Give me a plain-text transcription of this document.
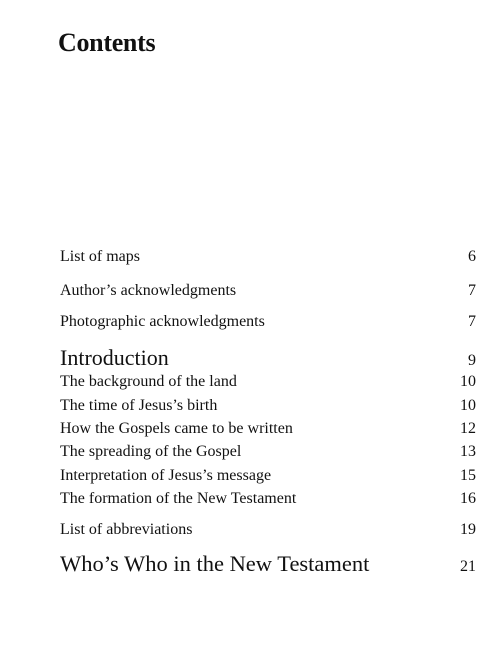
Contents
List of maps	6
Author’s acknowledgments	7
Photographic acknowledgments	7
Introduction	9
The background of the land	10
The time of Jesus’s birth	10
How the Gospels came to be written	12
The spreading of the Gospel	13
Interpretation of Jesus’s message	15
The formation of the New Testament	16
List of abbreviations	19
Who’s Who in the New Testament	21
